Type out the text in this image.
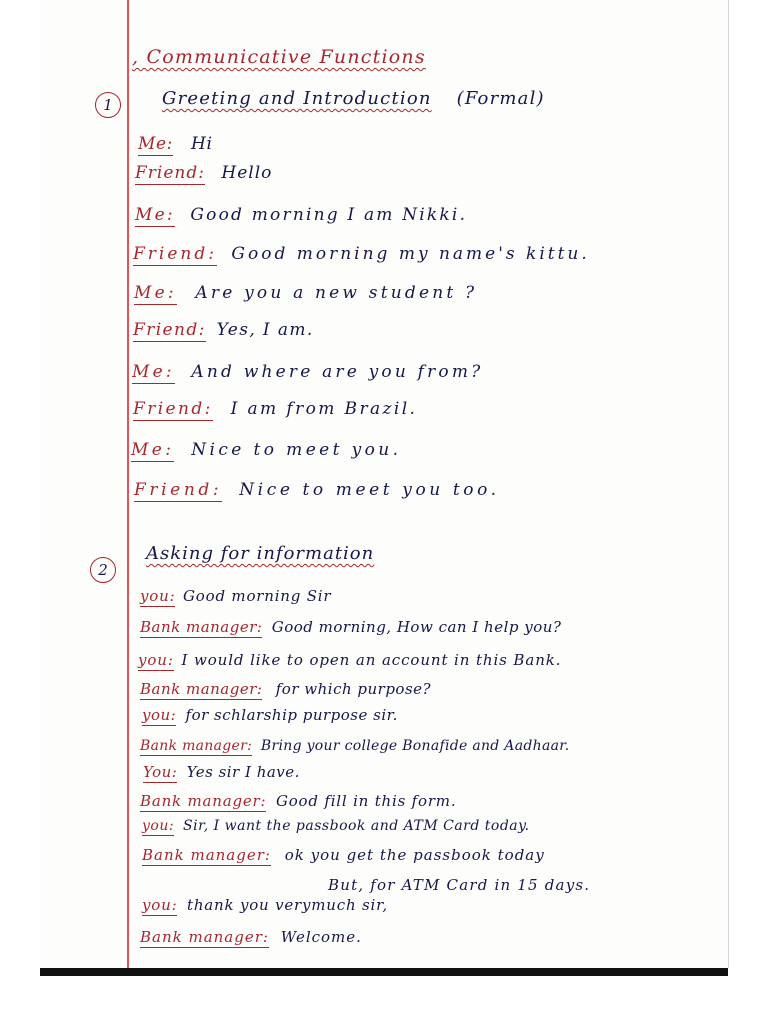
, Communicative Functions
1	Greeting and Introduction (Formal)
Me: Hi
Friend: Hello
Me: Good morning I am Nikki.
Friend: Good morning my name's kittu.
Me: Are you a new student ?
Friend: Yes, I am.
Me: And where are you from?
Friend: I am from Brazil.
Me: Nice to meet you.
Friend: Nice to meet you too.
2
Asking for information
you: Good morning Sir
Bank manager: Good morning, How can I help you?
you: I would like to open an account in this Bank.
Bank manager: for which purpose?
you: for schlarship purpose sir.
Bank manager: Bring your college Bonafide and Aadhaar.
You: Yes sir I have.
Bank manager: Good fill in this form.
you: Sir, I want the passbook and ATM Card today.
Bank manager: ok you get the passbook today
But, for ATM Card in 15 days.
you: thank you verymuch sir,
Bank manager: Welcome.
